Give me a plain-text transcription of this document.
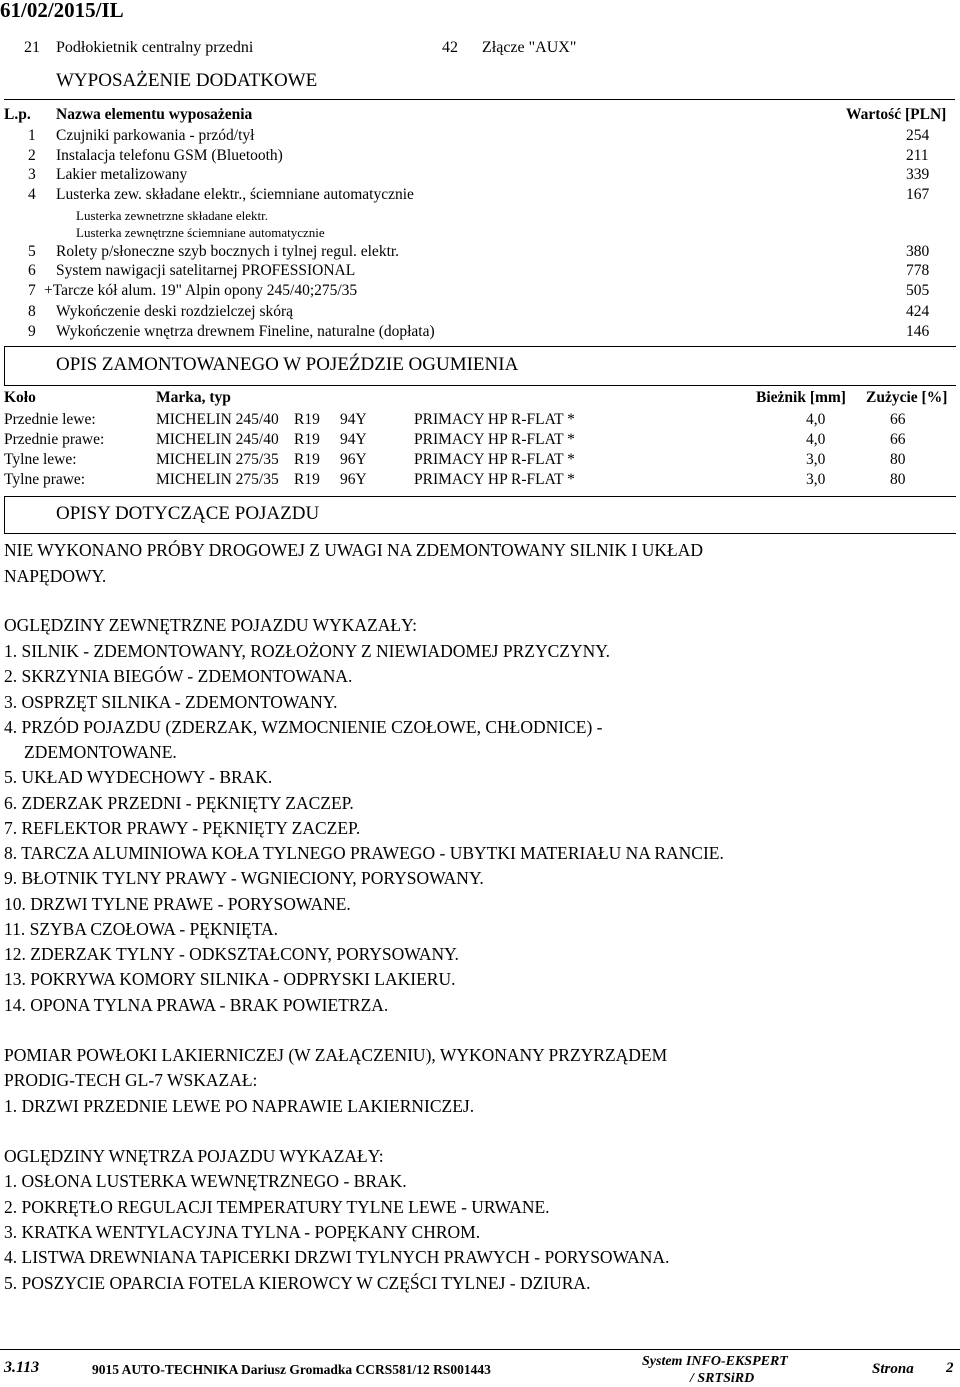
61/02/2015/IL
21 Podłokietnik centralny przedni	42 Złącze "AUX"
WYPOSAŻENIE DODATKOWE
L.p. Nazwa elementu wyposażenia	Wartość [PLN]
1 Czujniki parkowania - przód/tył	254
2 Instalacja telefonu GSM (Bluetooth)	211
3 Lakier metalizowany	339
4 Lusterka zew. składane elektr., ściemniane automatycznie	167
Lusterka zewnetrzne składane elektr.
Lusterka zewnętrzne ściemniane automatycznie
5 Rolety p/słoneczne szyb bocznych i tylnej regul. elektr.	380
6 System nawigacji satelitarnej PROFESSIONAL	778
7 +Tarcze kół alum. 19" Alpin opony 245/40;275/35	505
8 Wykończenie deski rozdzielczej skórą	424
9 Wykończenie wnętrza drewnem Fineline, naturalne (dopłata)	146
OPIS ZAMONTOWANEGO W POJEŹDZIE OGUMIENIA
Koło	Marka, typ	Bieżnik [mm] Zużycie [%]
Przednie lewe:	MICHELIN 245/40 R19 94Y	PRIMACY HP R-FLAT *	4,0	66
Przednie prawe:	MICHELIN 245/40 R19 94Y	PRIMACY HP R-FLAT *	4,0	66
Tylne lewe:	MICHELIN 275/35 R19 96Y	PRIMACY HP R-FLAT *	3,0	80
Tylne prawe:	MICHELIN 275/35 R19 96Y	PRIMACY HP R-FLAT *	3,0	80
OPISY DOTYCZĄCE POJAZDU
NIE WYKONANO PRÓBY DROGOWEJ Z UWAGI NA ZDEMONTOWANY SILNIK I UKŁAD
NAPĘDOWY.
OGLĘDZINY ZEWNĘTRZNE POJAZDU WYKAZAŁY:
1. SILNIK - ZDEMONTOWANY, ROZŁOŻONY Z NIEWIADOMEJ PRZYCZYNY.
2. SKRZYNIA BIEGÓW - ZDEMONTOWANA.
3. OSPRZĘT SILNIKA - ZDEMONTOWANY.
4. PRZÓD POJAZDU (ZDERZAK, WZMOCNIENIE CZOŁOWE, CHŁODNICE) -
ZDEMONTOWANE.
5. UKŁAD WYDECHOWY - BRAK.
6. ZDERZAK PRZEDNI - PĘKNIĘTY ZACZEP.
7. REFLEKTOR PRAWY - PĘKNIĘTY ZACZEP.
8. TARCZA ALUMINIOWA KOŁA TYLNEGO PRAWEGO - UBYTKI MATERIAŁU NA RANCIE.
9. BŁOTNIK TYLNY PRAWY - WGNIECIONY, PORYSOWANY.
10. DRZWI TYLNE PRAWE - PORYSOWANE.
11. SZYBA CZOŁOWA - PĘKNIĘTA.
12. ZDERZAK TYLNY - ODKSZTAŁCONY, PORYSOWANY.
13. POKRYWA KOMORY SILNIKA - ODPRYSKI LAKIERU.
14. OPONA TYLNA PRAWA - BRAK POWIETRZA.
POMIAR POWŁOKI LAKIERNICZEJ (W ZAŁĄCZENIU), WYKONANY PRZYRZĄDEM
PRODIG-TECH GL-7 WSKAZAŁ:
1. DRZWI PRZEDNIE LEWE PO NAPRAWIE LAKIERNICZEJ.
OGLĘDZINY WNĘTRZA POJAZDU WYKAZAŁY:
1. OSŁONA LUSTERKA WEWNĘTRZNEGO - BRAK.
2. POKRĘTŁO REGULACJI TEMPERATURY TYLNE LEWE - URWANE.
3. KRATKA WENTYLACYJNA TYLNA - POPĘKANY CHROM.
4. LISTWA DREWNIANA TAPICERKI DRZWI TYLNYCH PRAWYCH - PORYSOWANA.
5. POSZYCIE OPARCIA FOTELA KIEROWCY W CZĘŚCI TYLNEJ - DZIURA.
3.113	9015 AUTO-TECHNIKA Dariusz Gromadka CCRS581/12 RS001443
System INFO-EKSPERT
/ SRTSiRD
Strona 2
